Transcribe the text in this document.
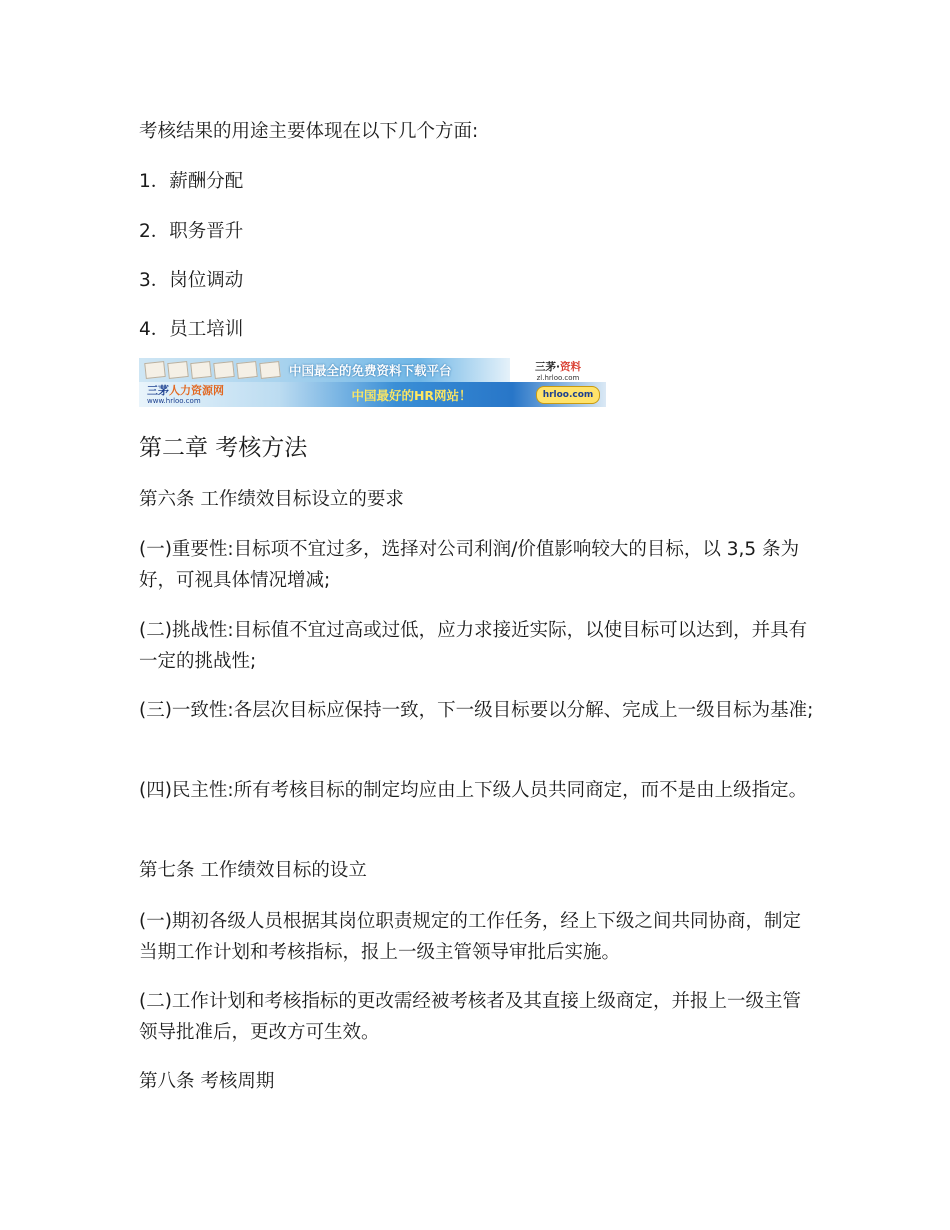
考核结果的用途主要体现在以下几个方面:

1．薪酬分配

2．职务晋升

3．岗位调动

4．员工培训

中国最全的免费资料下载平台	三茅·资料
zl.hrloo.com
三茅人力资源网
www.hrloo.com	中国最好的HR网站！	hrloo.com
第二章 考核方法

第六条 工作绩效目标设立的要求

(一)重要性:目标项不宜过多，选择对公司利润/价值影响较大的目标，以 3,5 条为好，可视具体情况增减;

(二)挑战性:目标值不宜过高或过低，应力求接近实际，以使目标可以达到，并具有一定的挑战性;

(三)一致性:各层次目标应保持一致，下一级目标要以分解、完成上一级目标为基准;

(四)民主性:所有考核目标的制定均应由上下级人员共同商定，而不是由上级指定。

第七条 工作绩效目标的设立

(一)期初各级人员根据其岗位职责规定的工作任务，经上下级之间共同协商，制定当期工作计划和考核指标，报上一级主管领导审批后实施。

(二)工作计划和考核指标的更改需经被考核者及其直接上级商定，并报上一级主管领导批准后，更改方可生效。

第八条 考核周期
